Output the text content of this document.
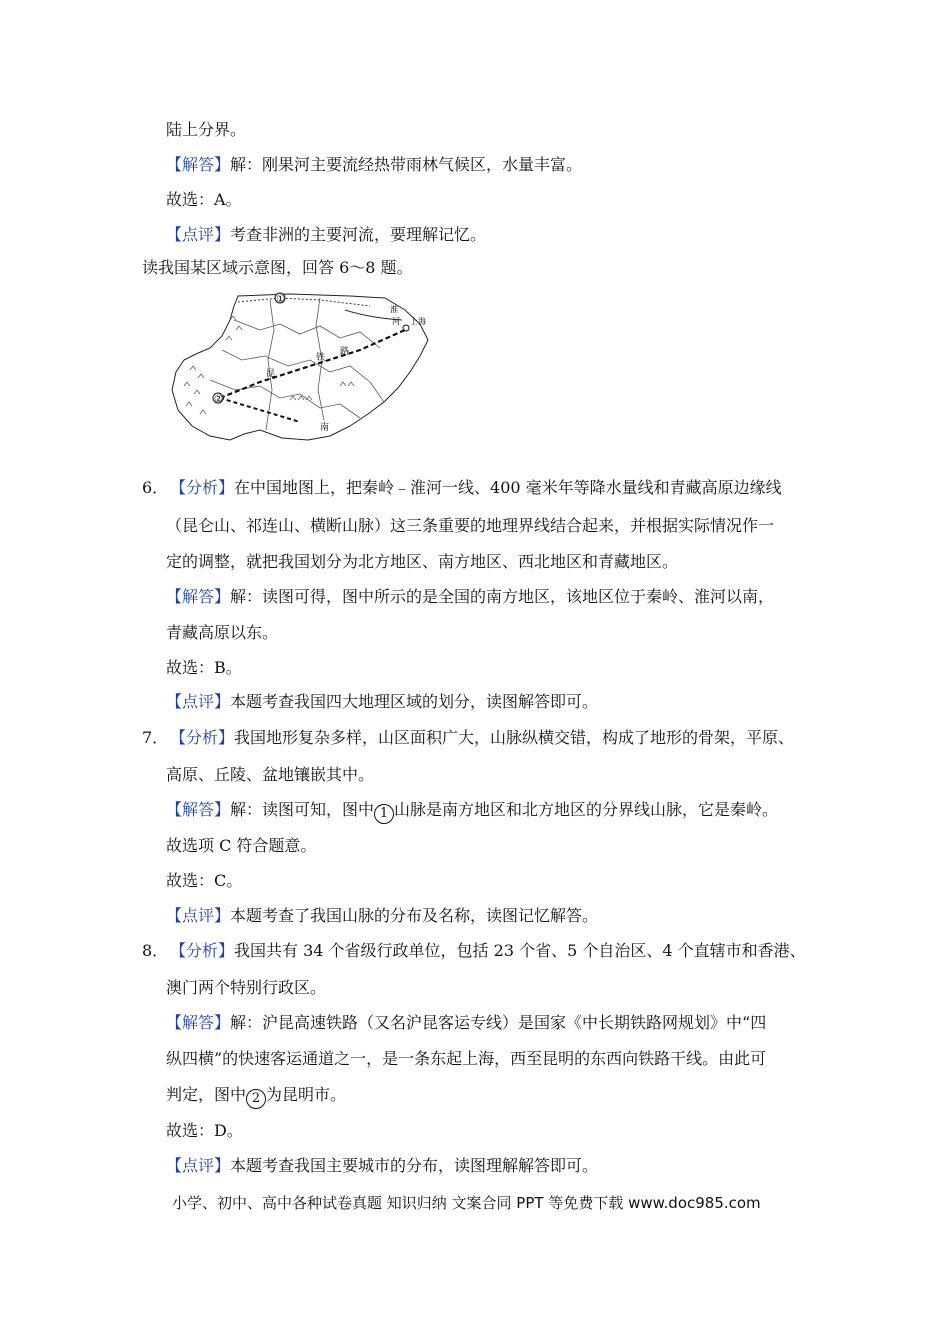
陆上分界。
【解答】解：刚果河主要流经热带雨林气候区，水量丰富。
故选：A。
【点评】考查非洲的主要河流，要理解记忆。
读我国某区域示意图，回答 6～8 题。
①
②
上海
淮
河
铁
路
昆
南
6． 【分析】在中国地图上，把秦岭﹣淮河一线、400 毫米年等降水量线和青藏高原边缘线
（昆仑山、祁连山、横断山脉）这三条重要的地理界线结合起来，并根据实际情况作一
定的调整，就把我国划分为北方地区、南方地区、西北地区和青藏地区。
【解答】解：读图可得，图中所示的是全国的南方地区，该地区位于秦岭、淮河以南，
青藏高原以东。
故选：B。
【点评】本题考查我国四大地理区域的划分，读图解答即可。
7． 【分析】我国地形复杂多样，山区面积广大，山脉纵横交错，构成了地形的骨架，平原、
高原、丘陵、盆地镶嵌其中。
【解答】解：读图可知，图中 1 山脉是南方地区和北方地区的分界线山脉，它是秦岭。
故选项 C 符合题意。
故选：C。
【点评】本题考查了我国山脉的分布及名称，读图记忆解答。
8． 【分析】我国共有 34 个省级行政单位，包括 23 个省、5 个自治区、4 个直辖市和香港、
澳门两个特别行政区。
【解答】解：沪昆高速铁路（又名沪昆客运专线）是国家《中长期铁路网规划》中“四
纵四横”的快速客运通道之一，是一条东起上海，西至昆明的东西向铁路干线。由此可
判定，图中 2 为昆明市。
故选：D。
【点评】本题考查我国主要城市的分布，读图理解解答即可。
小学、初中、高中各种试卷真题 知识归纳 文案合同 PPT 等免费下载 www.doc985.com
